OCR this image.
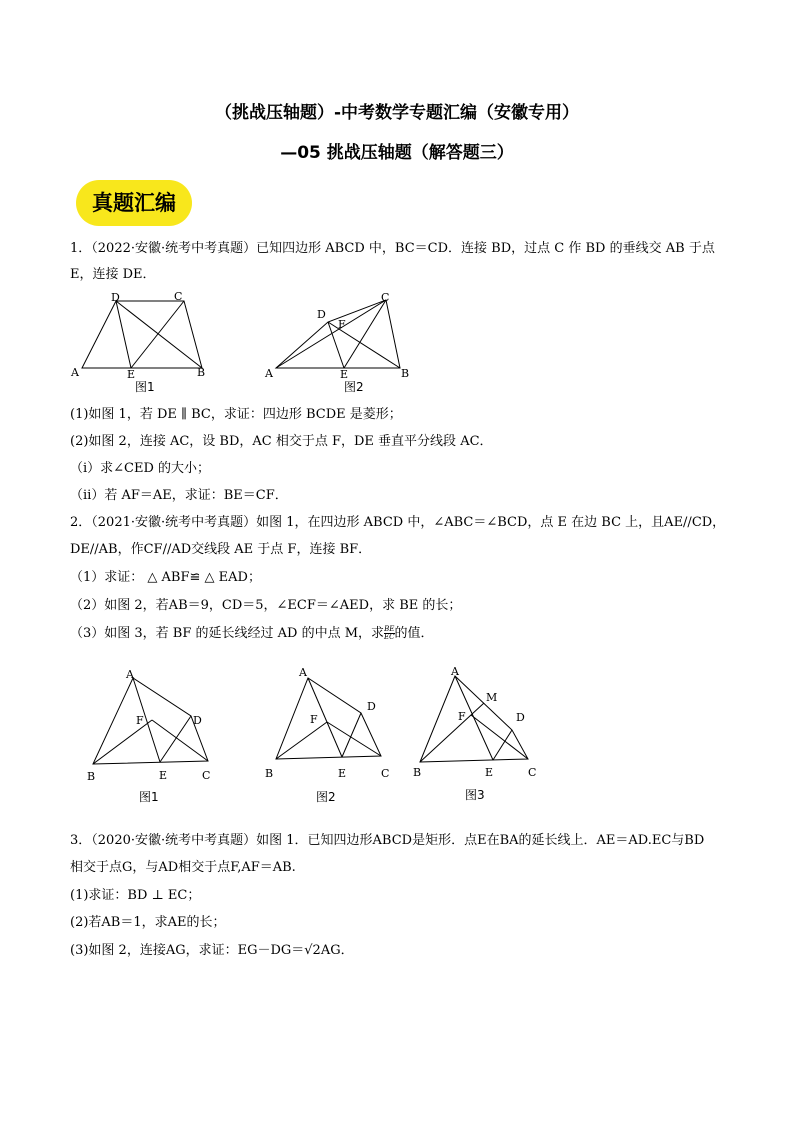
（挑战压轴题）-中考数学专题汇编（安徽专用）
—05 挑战压轴题（解答题三）
真题汇编
1．（2022·安徽·统考中考真题）已知四边形 ABCD 中，BC＝CD．连接 BD，过点 C 作 BD 的垂线交 AB 于点
E，连接 DE．
A	B
C
D
E
图1
A	B
C
D
E
F
图2
(1)如图 1，若 DE ∥ BC，求证：四边形 BCDE 是菱形；
(2)如图 2，连接 AC，设 BD，AC 相交于点 F，DE 垂直平分线段 AC．
（ⅰ）求∠CED 的大小；
（ⅱ）若 AF＝AE，求证：BE＝CF．
2．（2021·安徽·统考中考真题）如图 1，在四边形 ABCD 中，∠ABC＝∠BCD，点 E 在边 BC 上，且AE//CD，
DE//AB，作CF//AD交线段 AE 于点 F，连接 BF．
（1）求证： △ ABF≌ △ EAD；
（2）如图 2，若AB＝9，CD＝5，∠ECF＝∠AED，求 BE 的长；
（3）如图 3，若 BF 的延长线经过 AD 的中点 M，求 $\frac{BE}{EC}$ 的值．
A
B	C
D
E
F
图1
A
B	C
D
E
F
图2
A
B	C
D
E
F
M
图3
3．（2020·安徽·统考中考真题）如图 1．已知四边形ABCD是矩形．点E在BA的延长线上．AE＝AD.EC与BD
相交于点G，与AD相交于点F,AF＝AB.
(1)求证：BD ⊥ EC；
(2)若AB＝1，求AE的长；
(3)如图 2，连接AG，求证：EG－DG＝√2AG．
